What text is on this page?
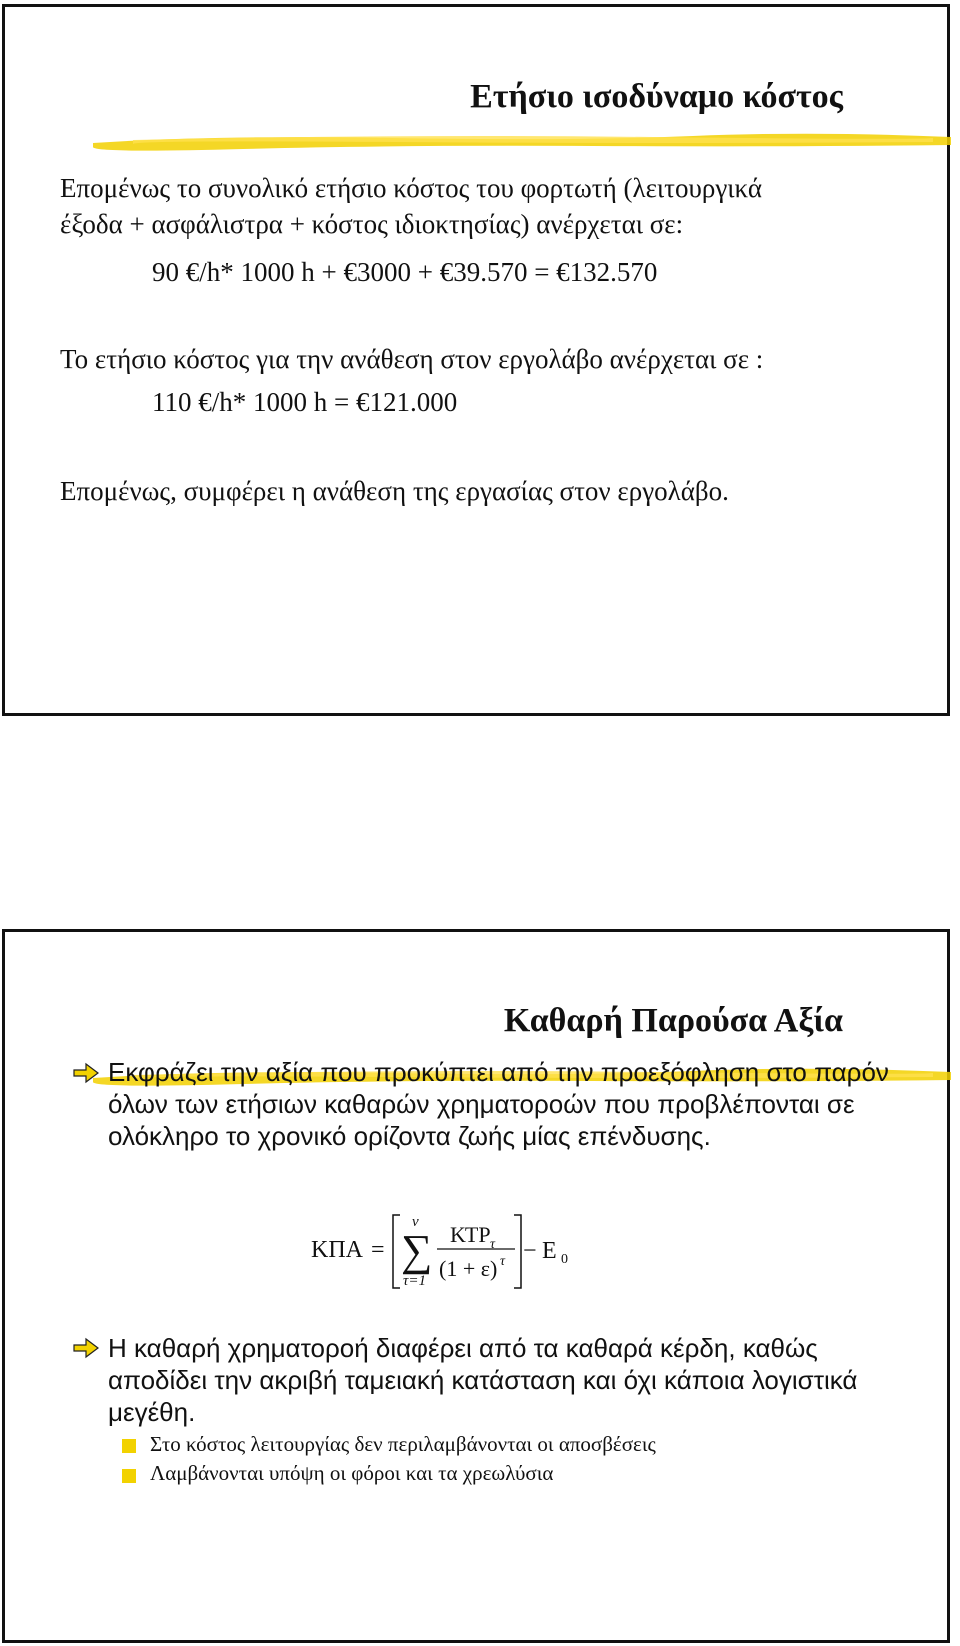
Ετήσιο ισοδύναμο κόστος
Επομένως το συνολικό ετήσιο κόστος του φορτωτή (λειτουργικά
έξοδα + ασφάλιστρα + κόστος ιδιοκτησίας) ανέρχεται σε:
90 €/h* 1000 h + €3000 + €39.570 = €132.570
Το ετήσιο κόστος για την ανάθεση στον εργολάβο ανέρχεται σε :
110 €/h* 1000 h = €121.000
Επομένως, συμφέρει η ανάθεση της εργασίας στον εργολάβο.
Καθαρή Παρούσα Αξία
Εκφράζει την αξία που προκύπτει από την προεξόφληση στο παρόν όλων των ετήσιων καθαρών χρηματοροών που προβλέπονται σε ολόκληρο το χρονικό ορίζοντα ζωής μίας επένδυσης.
ΚΠΑ = ∑
ν
τ=1
ΚΤΡ τ
(1 + ε) τ − Ε 0
Η καθαρή χρηματοροή διαφέρει από τα καθαρά κέρδη, καθώς αποδίδει την ακριβή ταμειακή κατάσταση και όχι κάποια λογιστικά μεγέθη.
Στο κόστος λειτουργίας δεν περιλαμβάνονται οι αποσβέσεις
Λαμβάνονται υπόψη οι φόροι και τα χρεωλύσια
